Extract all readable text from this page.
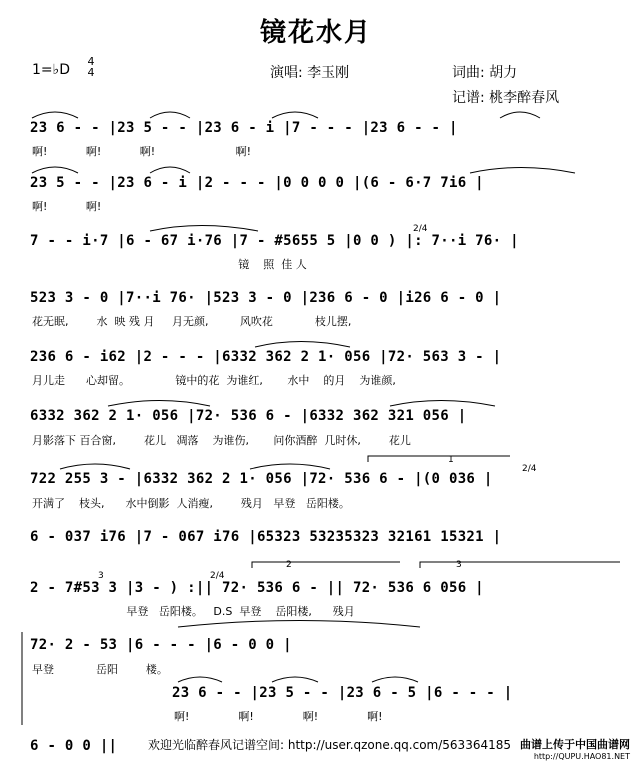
镜花水月
1=♭D
4
4	演唱: 李玉刚	词曲: 胡力
记谱: 桃李醉春风
23 6 - - |23 5 - - |23 6 - i |7 - - - |23 6 - - |
啊!           啊!           啊!                       啊!
23 5 - - |23 6 - i |2 - - - |0 0 0 0 |(6 - 6·7 7i6 |
啊!           啊!
7 - - i·7 |6 - 67 i·76 |7 - #5655 5 |0 0 ) |: 7··i 76· |
镜    照  佳 人
523 3 - 0 |7··i 76· |523 3 - 0 |236 6 - 0 |i26 6 - 0 |
花无眠,        水  映 残 月     月无颜,         风吹花            枝儿摆,
236 6 - i62 |2 - - - |6332 362 2 1· 056 |72· 563 3 - |
月儿走      心却留。             镜中的花  为谁红,       水中    的月    为谁颜,
6332 362 2 1· 056 |72· 536 6 - |6332 362 321 056 |
月影落下 百合窗,        花儿   凋落    为谁伤,       问你酒醉  几时休,        花儿
722 255 3 - |6332 362 2 1· 056 |72· 536 6 - |(0 036 |
开满了    枝头,      水中倒影  人消瘦,        残月   早登   岳阳楼。
6 - 037 i76 |7 - 067 i76 |65323 53235323 32161 15321 |
2 - 7#53 3 |3 - ) :|| 72· 536 6 - || 72· 536 6 056 |
早登   岳阳楼。   D.S  早登    岳阳楼,      残月
72· 2 - 53 |6 - - - |6 - 0 0 |
早登            岳阳        楼。
23 6 - - |23 5 - - |23 6 - 5 |6 - - - |
啊!              啊!              啊!              啊!
6 - 0 0 ||
2/4
2/4
2/4
1
2	3
3
欢迎光临醉春风记谱空间: http://user.qzone.qq.com/563364185 曲谱上传于中国曲谱网
http://QUPU.HAO81.NET
